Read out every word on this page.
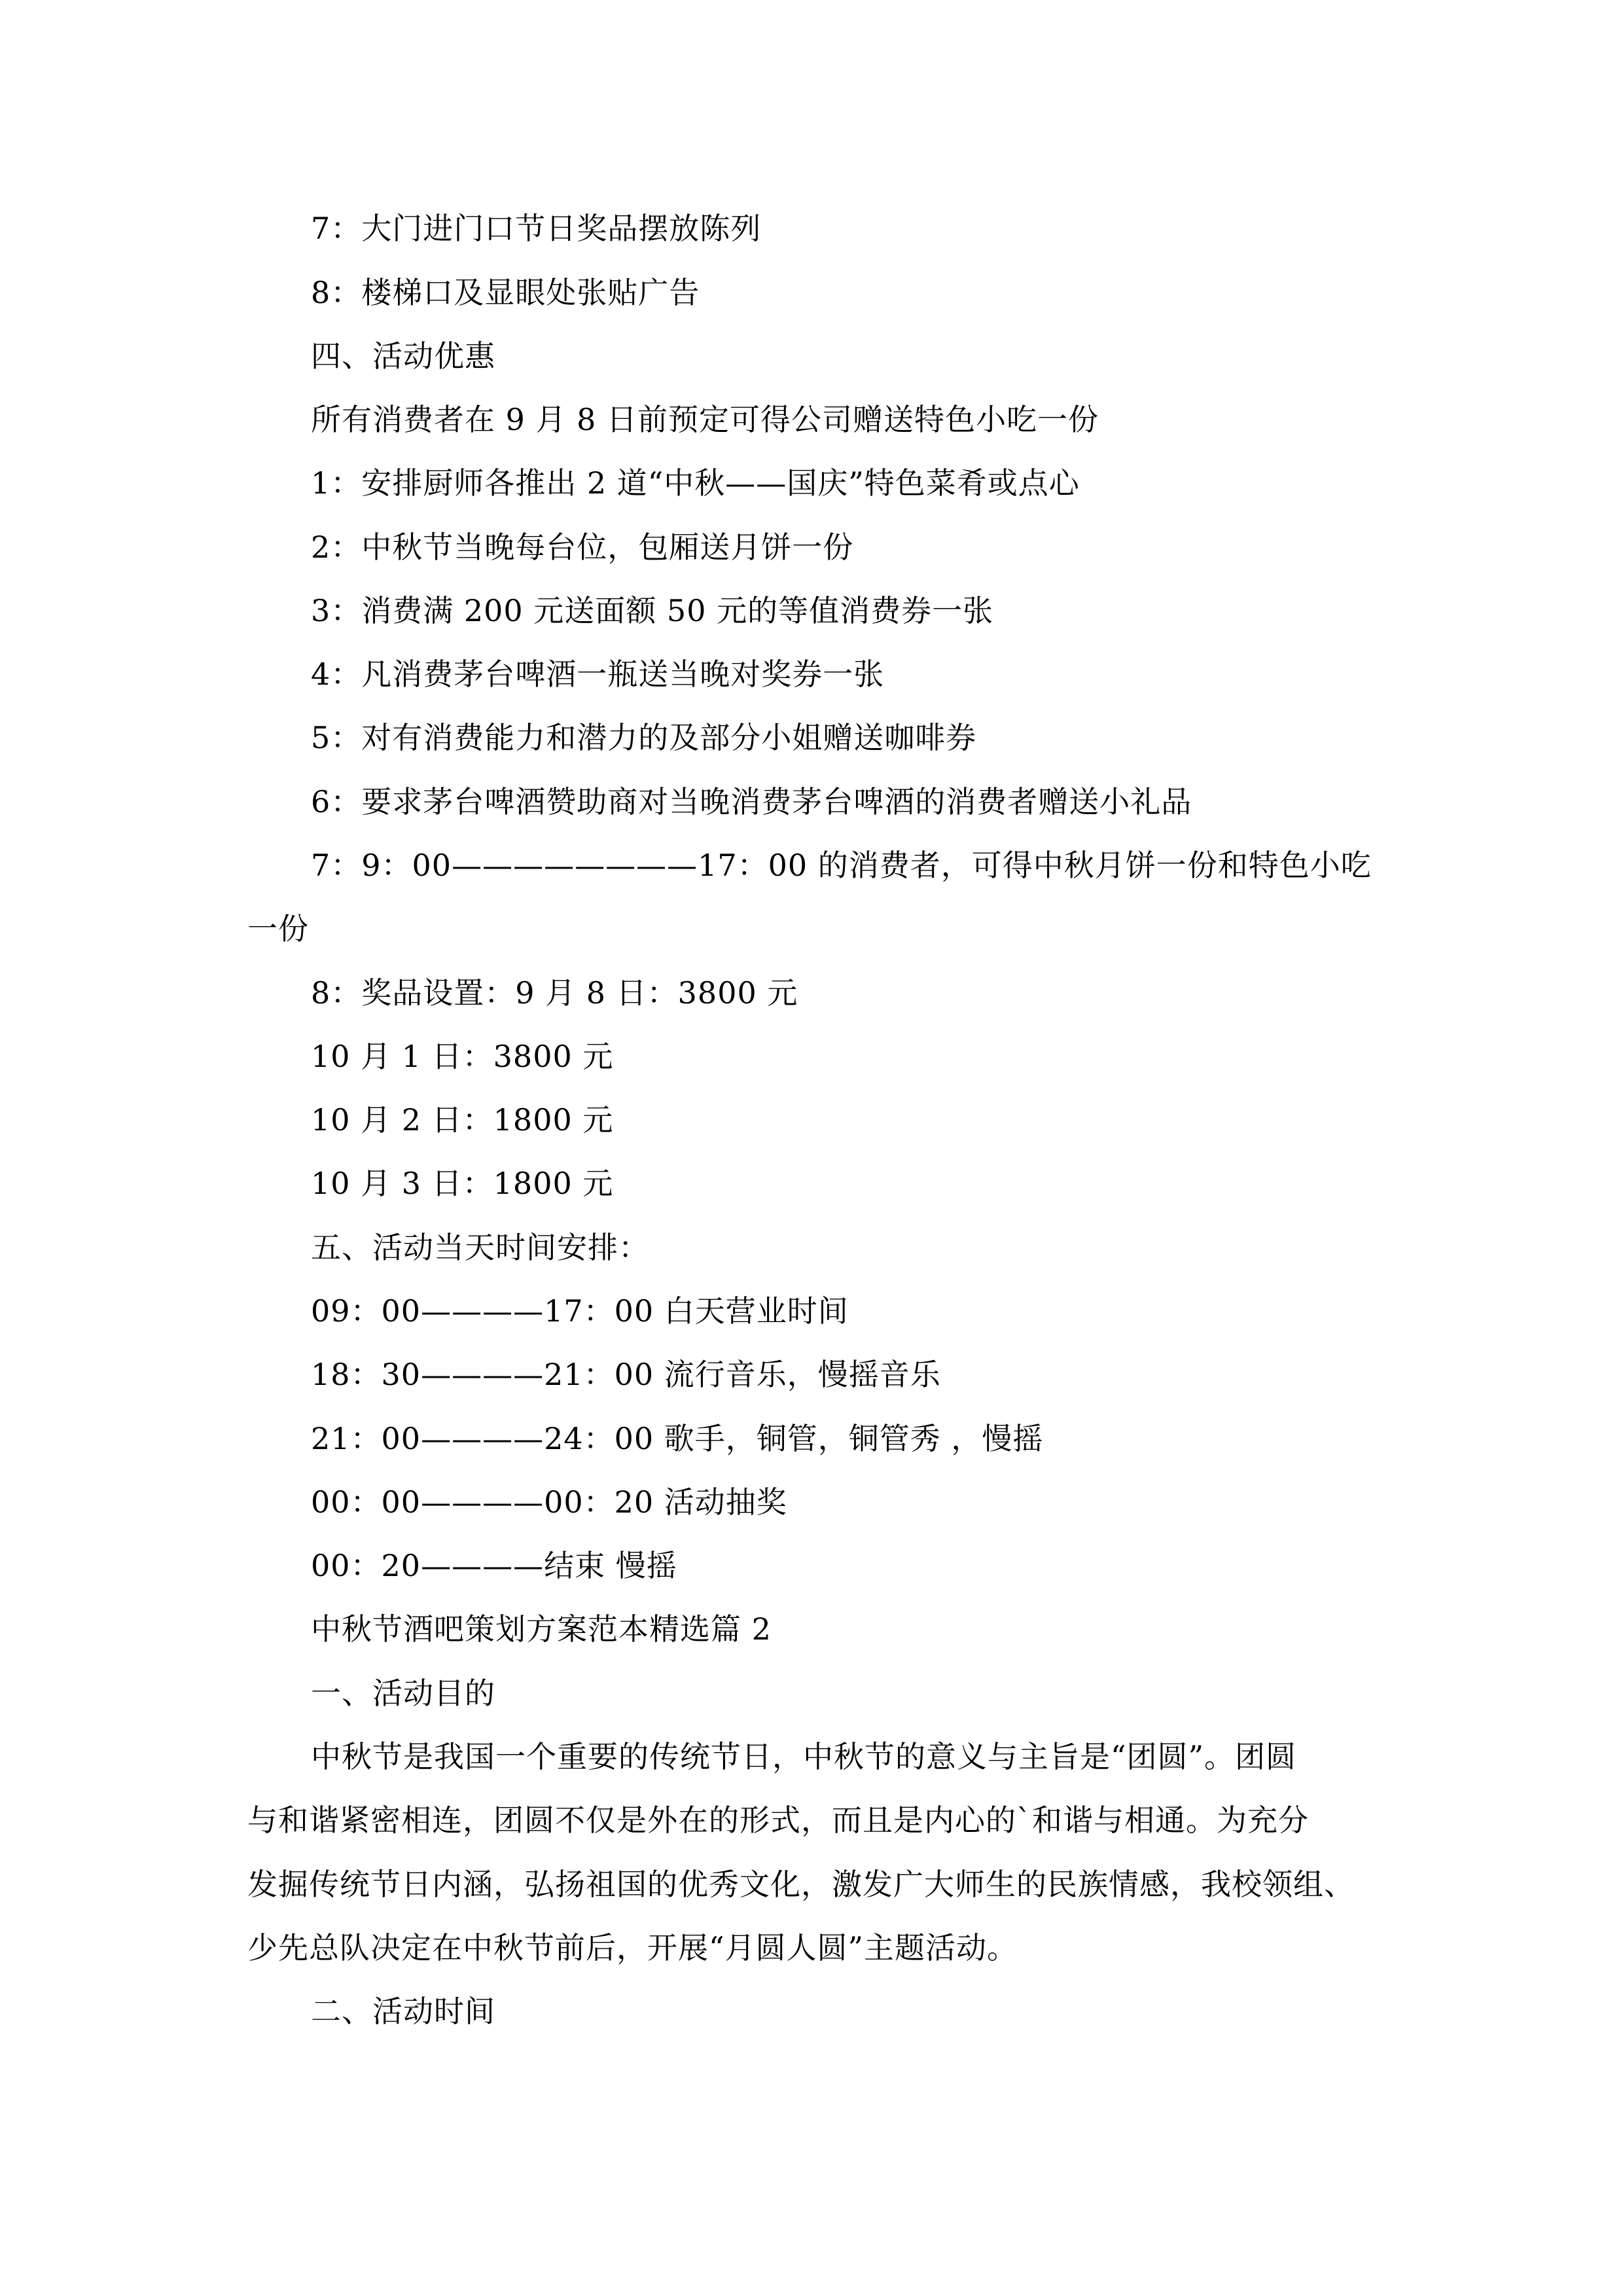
7：大门进门口节日奖品摆放陈列
8：楼梯口及显眼处张贴广告
四、活动优惠
所有消费者在 9 月 8 日前预定可得公司赠送特色小吃一份
1：安排厨师各推出 2 道“中秋——国庆”特色菜肴或点心
2：中秋节当晚每台位，包厢送月饼一份
3：消费满 200 元送面额 50 元的等值消费券一张
4：凡消费茅台啤酒一瓶送当晚对奖券一张
5：对有消费能力和潜力的及部分小姐赠送咖啡券
6：要求茅台啤酒赞助商对当晚消费茅台啤酒的消费者赠送小礼品
7：9：00————————17：00 的消费者，可得中秋月饼一份和特色小吃
一份
8：奖品设置：9 月 8 日：3800 元
10 月 1 日：3800 元
10 月 2 日：1800 元
10 月 3 日：1800 元
五、活动当天时间安排：
09：00————17：00 白天营业时间
18：30————21：00 流行音乐，慢摇音乐
21：00————24：00 歌手，铜管，铜管秀 ，慢摇
00：00————00：20 活动抽奖
00：20————结束 慢摇
中秋节酒吧策划方案范本精选篇 2
一、活动目的
中秋节是我国一个重要的传统节日，中秋节的意义与主旨是“团圆”。团圆
与和谐紧密相连，团圆不仅是外在的形式，而且是内心的`和谐与相通。为充分
发掘传统节日内涵，弘扬祖国的优秀文化，激发广大师生的民族情感，我校领组、
少先总队决定在中秋节前后，开展“月圆人圆”主题活动。
二、活动时间
